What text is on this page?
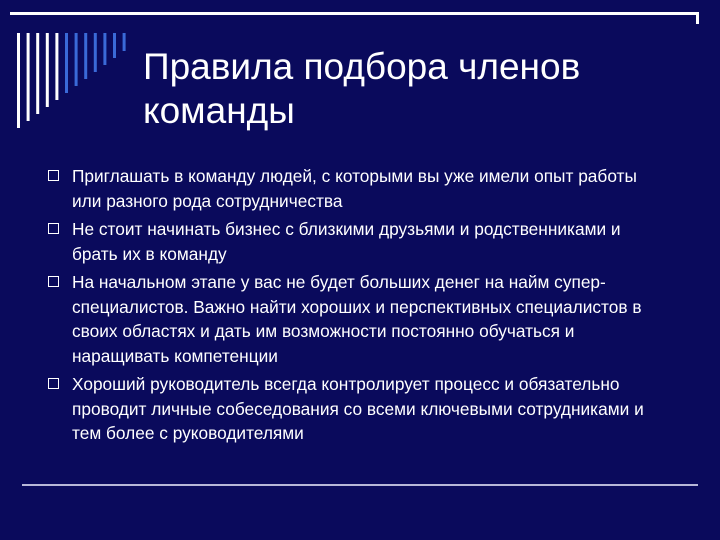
Правила подбора членов команды
Приглашать в команду людей, с которыми вы уже имели опыт работы или разного рода сотрудничества
Не стоит начинать бизнес с близкими друзьями и родственниками и брать их в команду
На начальном этапе у вас не будет больших денег на найм супер-специалистов. Важно найти хороших и перспективных специалистов в своих областях и дать им возможности постоянно обучаться и наращивать компетенции
Хороший руководитель всегда контролирует процесс и обязательно проводит личные собеседования со всеми ключевыми сотрудниками и тем более с руководителями
